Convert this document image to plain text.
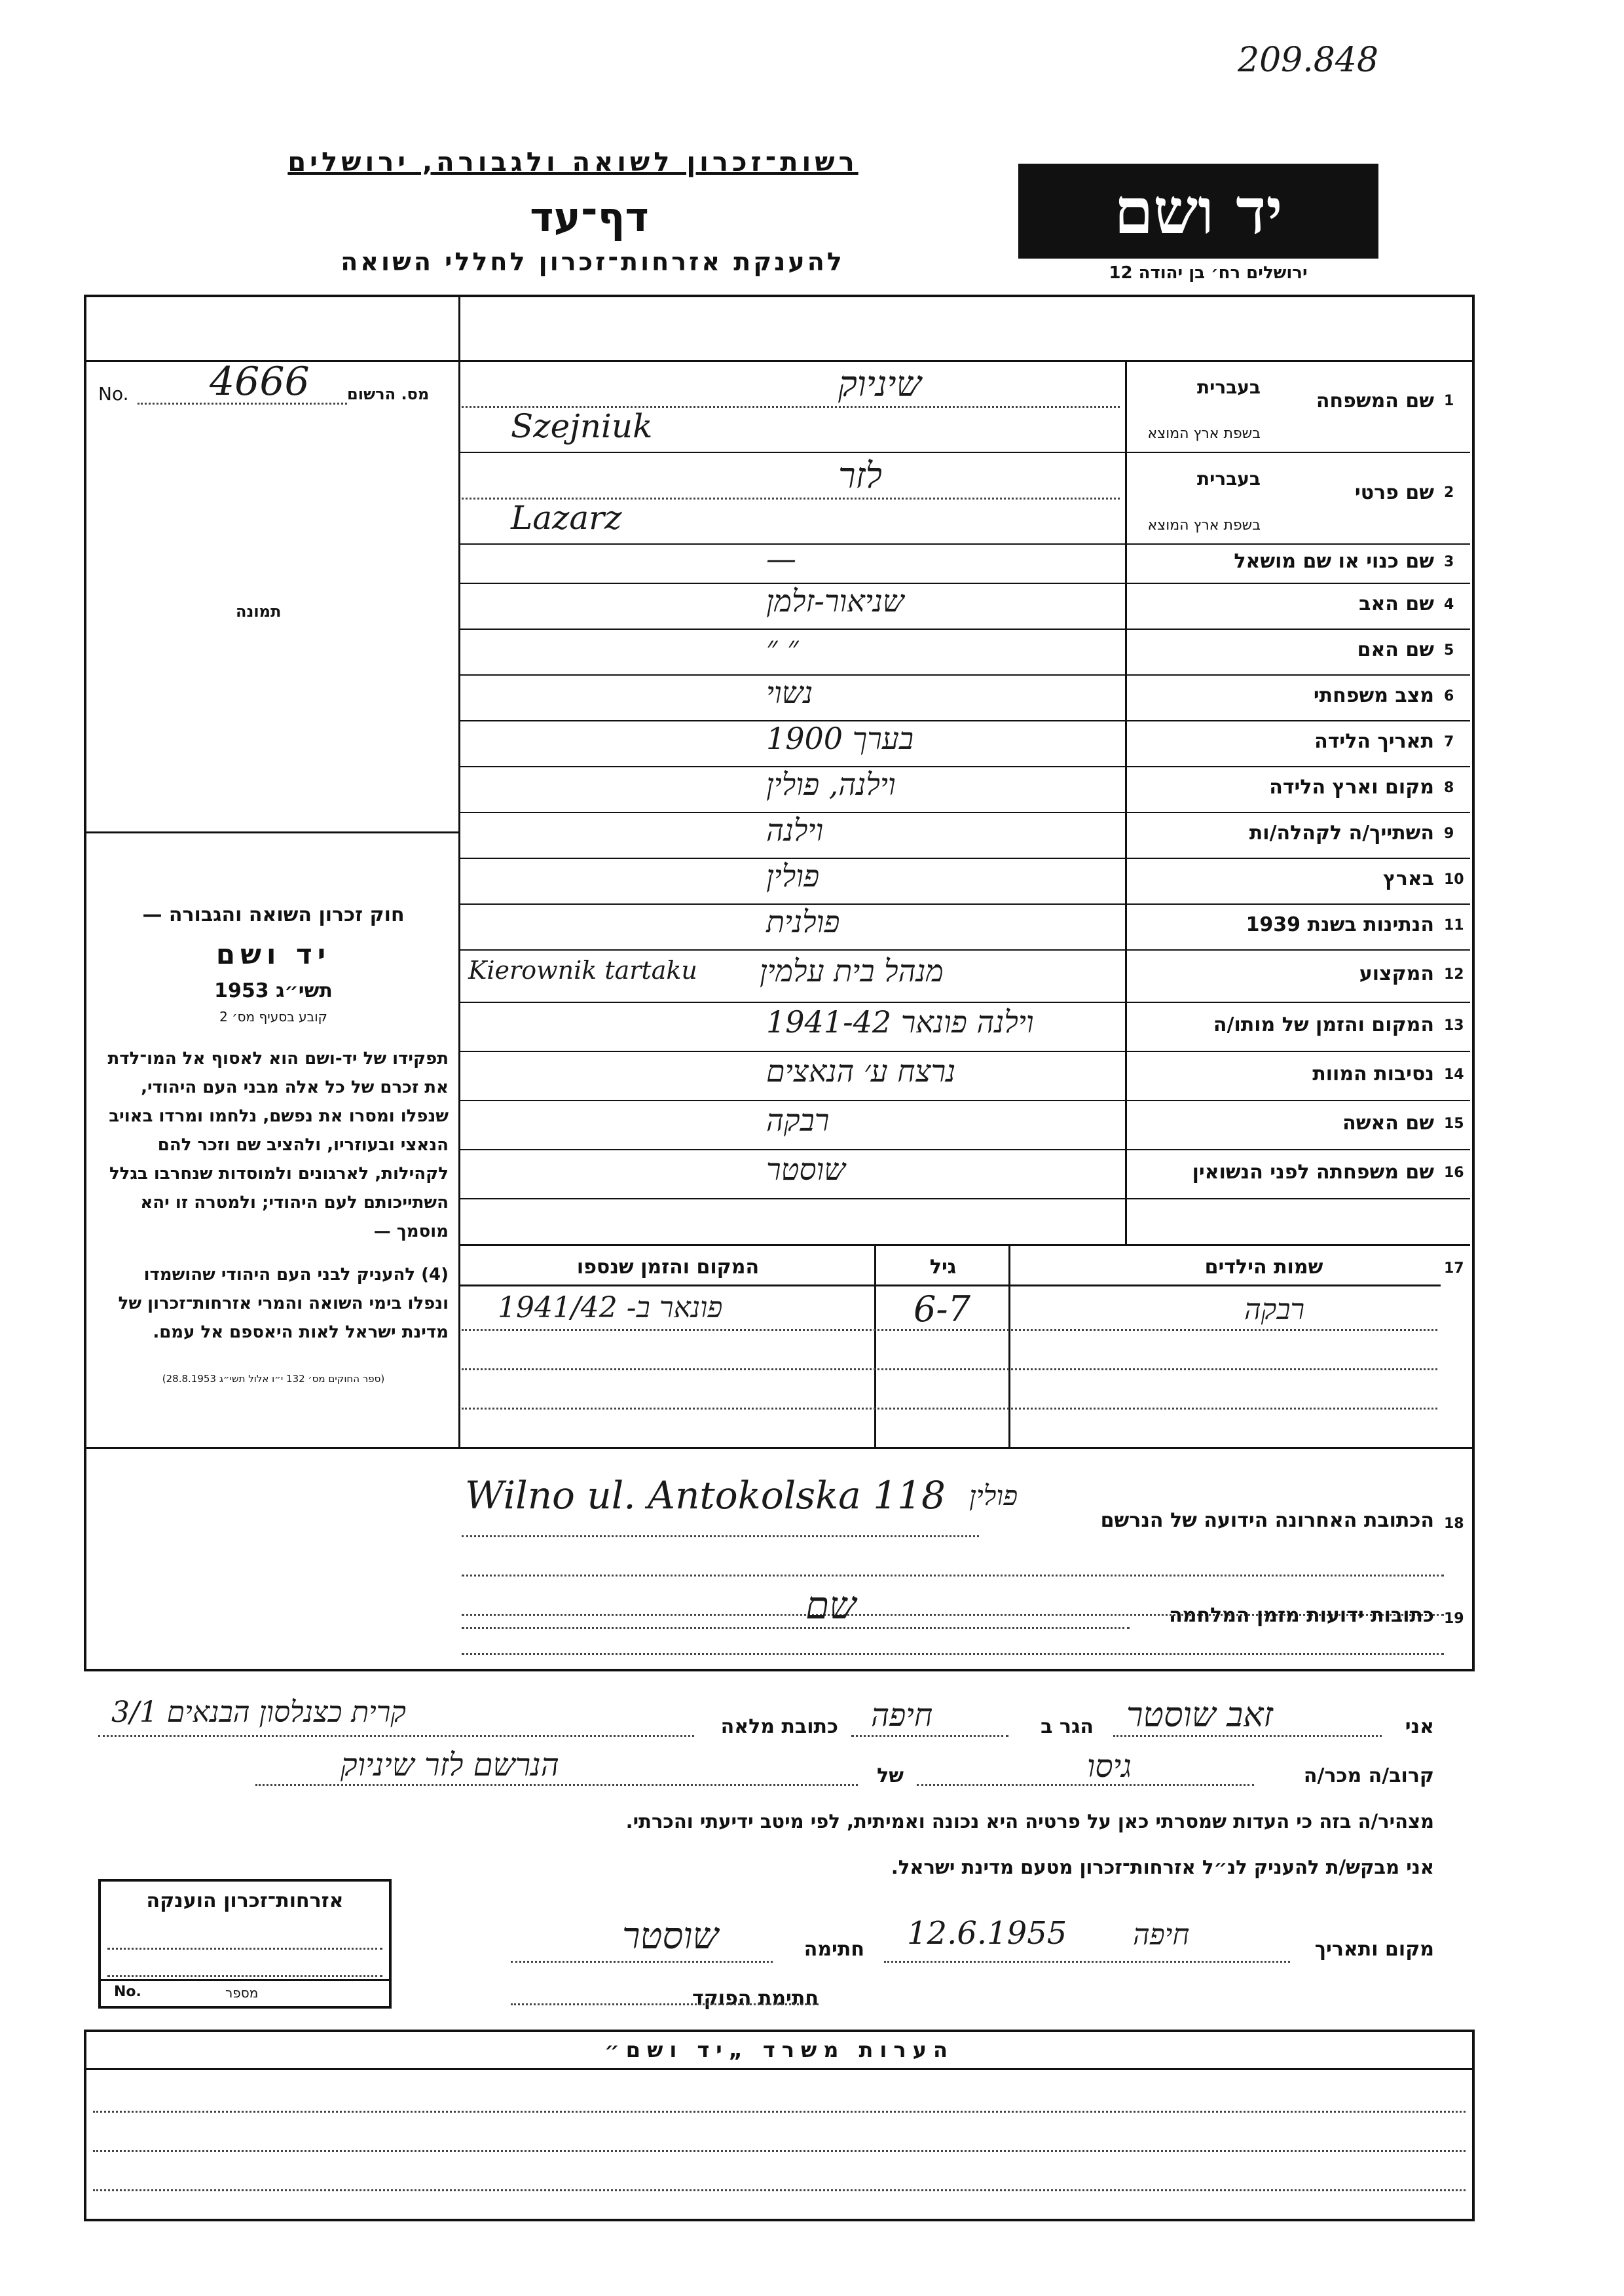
209.848
רשות־זכרון לשואה ולגבורה, ירושלים
דף־עד
להענקת אזרחות־זכרון לחללי השואה
יד ושם
ירושלים רח׳ בן יהודה 12
No. 4666 מס. הרשום
תמונה
חוק זכרון השואה והגבורה —
יד ושם
תשי״ג 1953
קובע בסעיף מס׳ 2
תפקידו של יד-ושם הוא לאסוף אל המו־לדת את זכרם של כל אלה מבני העם היהודי, שנפלו ומסרו את נפשם, נלחמו ומרדו באויב הנאצי ובעוזריו, ולהציב שם וזכר להם לקהילות, לארגונים ולמוסדות שנחרבו בגלל השתייכותם לעם היהודי; ולמטרה זו יהא מוסמך —
(4) להעניק לבני העם היהודי שהושמדו ונפלו בימי השואה והמרי אזרחות־זכרון של מדינת ישראל לאות היאספם אל עמם.
(ספר החוקים מס׳ 132 י״ו אלול תשי״ג 28.8.1953)
1
שם המשפחה
בעברית
בשפת ארץ המוצא
שיניוק
Szejniuk
2
שם פרטי
בעברית
בשפת ארץ המוצא
לזר
Lazarz
3
שם כנוי או שם מושאל
—
4
שם האב
שניאור-זלמן
5
שם האם
״ ״
6
מצב משפחתי
נשוי
7
תאריך הלידה
בערך 1900
8
מקום וארץ הלידה
וילנה, פולין
9
השתייך/ה לקהלה/ות
וילנה
10
בארץ
פולין
11
הנתינות בשנת 1939
פולנית
12
המקצוע
מנהל בית עלמין
Kierownik tartaku
13
המקום והזמן של מותו/ה
וילנה פונאר 1941-42
14
נסיבות המוות
נרצח ע׳ הנאצים
15
שם האשה
רבקה
16
שם משפחתה לפני הנשואין
שוסטר
17
שמות הילדים
גיל
המקום והזמן שנספו
רבקה
6-7
פונאר ב- 1941/42
18
הכתובת האחרונה הידועה של הנרשם
Wilno ul. Antokolska 118 פולין
19
כתובות ידועות מזמן המלחמה
שם
אני
זאב שוסטר
הגר ב
חיפה
כתובת מלאה
קרית כצנלסון הבנאים 3/1
קרוב/ה מכר/ה
גיסו
של
הנרשם לזר שיניוק
מצהיר/ה בזה כי העדות שמסרתי כאן על פרטיה היא נכונה ואמיתית, לפי מיטב ידיעתי והכרתי.
אני מבקש/ת להעניק לנ״ל אזרחות־זכרון מטעם מדינת ישראל.
מקום ותאריך
חיפה
12.6.1955
חתימה
שוסטר
חתימת הפוקד
אזרחות־זכרון הוענקה
No.	מספר
הערות משרד „יד ושם״
